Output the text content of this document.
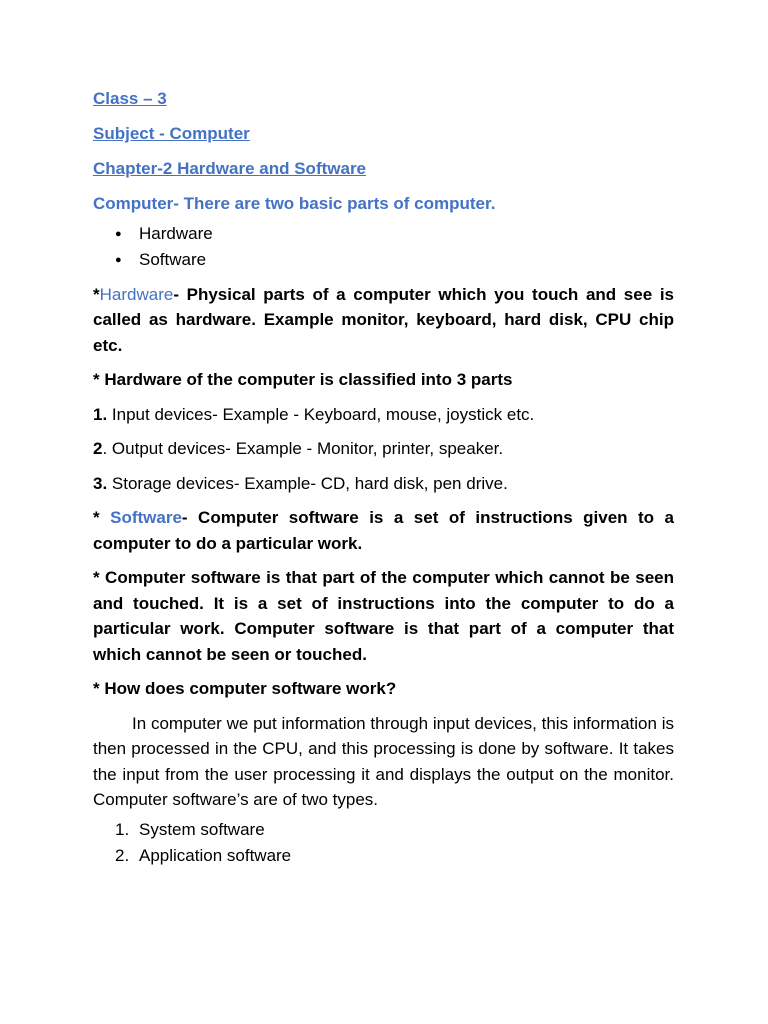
Class – 3

Subject - Computer

Chapter-2 Hardware and Software

Computer- There are two basic parts of computer.

● Hardware
● Software

*Hardware- Physical parts of a computer which you touch and see is called as hardware. Example monitor, keyboard, hard disk, CPU chip etc.

* Hardware of the computer is classified into 3 parts

1. Input devices- Example - Keyboard, mouse, joystick etc.

2. Output devices- Example - Monitor, printer, speaker.

3. Storage devices- Example- CD, hard disk, pen drive.

* Software- Computer software is a set of instructions given to a computer to do a particular work.

* Computer software is that part of the computer which cannot be seen and touched. It is a set of instructions into the computer to do a particular work. Computer software is that part of a computer that which cannot be seen or touched.

* How does computer software work?

In computer we put information through input devices, this information is then processed in the CPU, and this processing is done by software. It takes the input from the user processing it and displays the output on the monitor. Computer software’s are of two types.

1. System software
2. Application software
